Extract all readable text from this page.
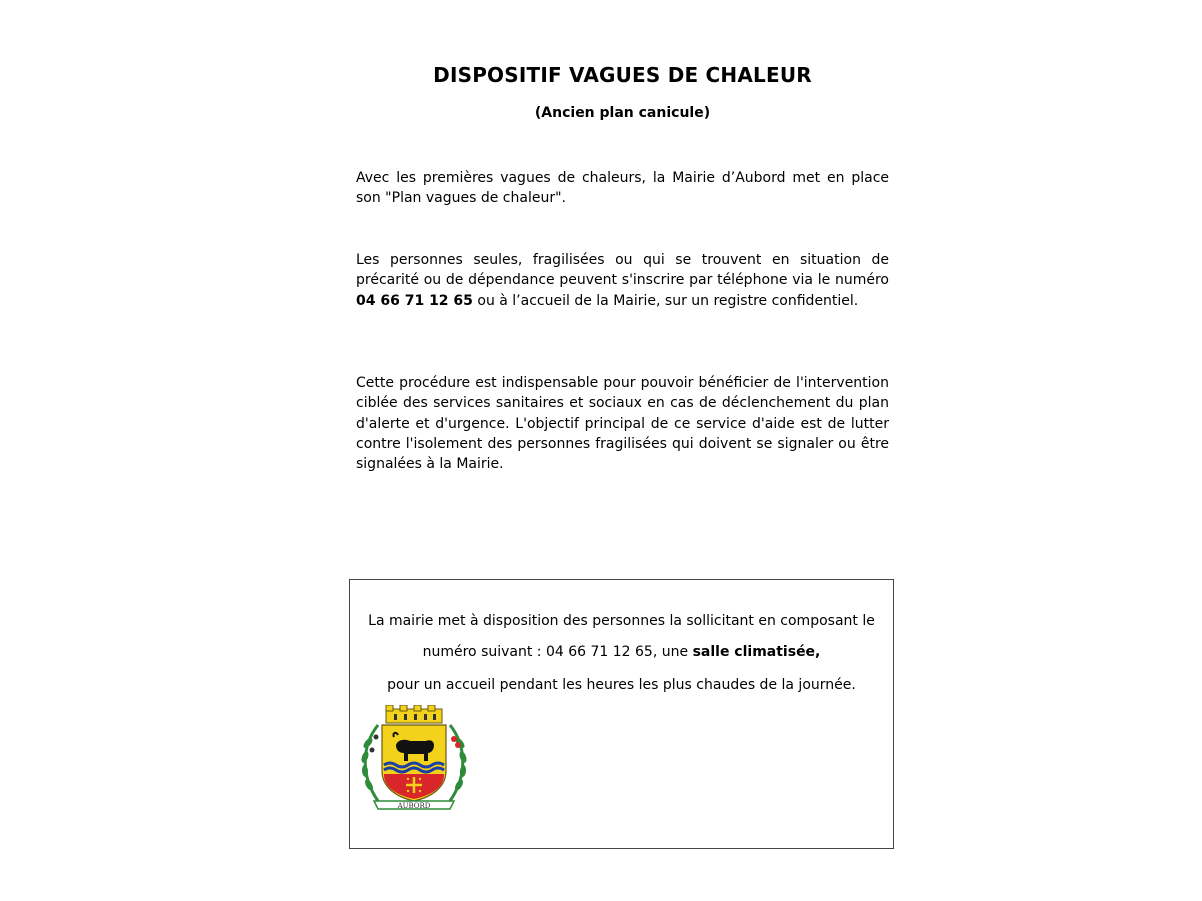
DISPOSITIF VAGUES DE CHALEUR
(Ancien plan canicule)

Avec les premières vagues de chaleurs, la Mairie d’Aubord met en place son "Plan vagues de chaleur".

Les personnes seules, fragilisées ou qui se trouvent en situation de précarité ou de dépendance peuvent s'inscrire par téléphone via le numéro 04 66 71 12 65 ou à l’accueil de la Mairie, sur un registre confidentiel.

Cette procédure est indispensable pour pouvoir bénéficier de l'intervention ciblée des services sanitaires et sociaux en cas de déclenchement du plan d'alerte et d'urgence. L'objectif principal de ce service d'aide est de lutter contre l'isolement des personnes fragilisées qui doivent se signaler ou être signalées à la Mairie.

La mairie met à disposition des personnes la sollicitant en composant le
numéro suivant : 04 66 71 12 65, une salle climatisée,
pour un accueil pendant les heures les plus chaudes de la journée.
AUBORD
